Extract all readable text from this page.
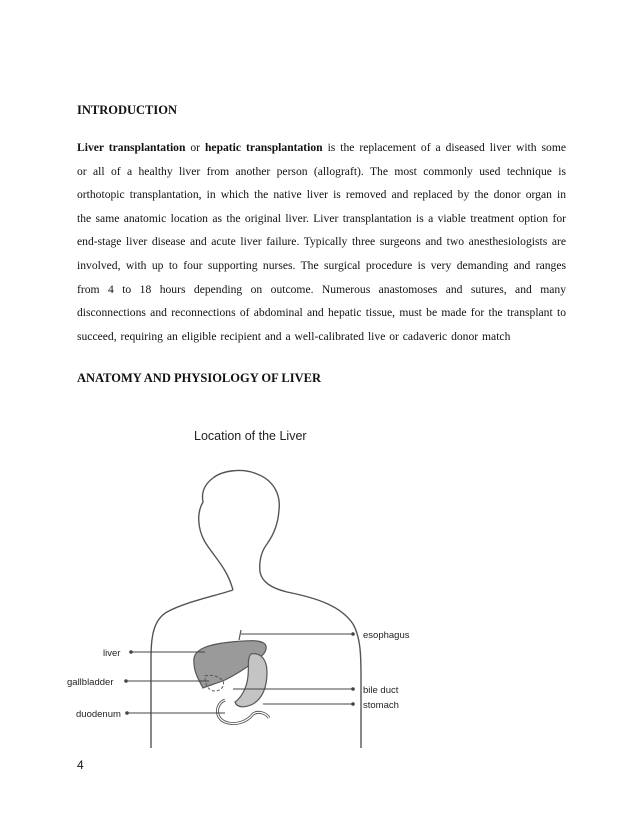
INTRODUCTION

Liver transplantation or hepatic transplantation is the replacement of a diseased liver with some or all of a healthy liver from another person (allograft). The most commonly used technique is orthotopic transplantation, in which the native liver is removed and replaced by the donor organ in the same anatomic location as the original liver. Liver transplantation is a viable treatment option for end-stage liver disease and acute liver failure. Typically three surgeons and two anesthesiologists are involved, with up to four supporting nurses. The surgical procedure is very demanding and ranges from 4 to 18 hours depending on outcome. Numerous anastomoses and sutures, and many disconnections and reconnections of abdominal and hepatic tissue, must be made for the transplant to succeed, requiring an eligible recipient and a well-calibrated live or cadaveric donor match

ANATOMY AND PHYSIOLOGY OF LIVER
Location of the Liver
liver
gallbladder
duodenum
esophagus
bile duct
stomach
4
